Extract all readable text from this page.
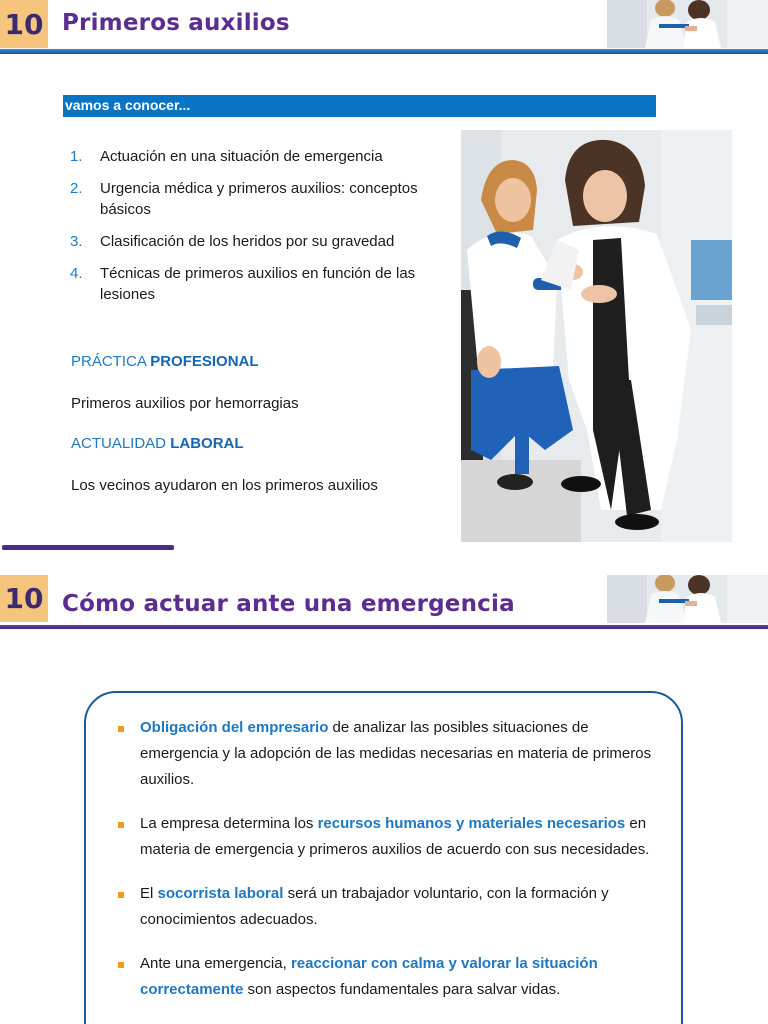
10 Primeros auxilios
vamos a conocer...
1.	Actuación en una situación de emergencia
2.	Urgencia médica y primeros auxilios: conceptos básicos
3.	Clasificación de los heridos por su gravedad
4.	Técnicas de primeros auxilios en función de las lesiones
PRÁCTICA PROFESIONAL
Primeros auxilios por hemorragias
ACTUALIDAD LABORAL
Los vecinos ayudaron en los primeros auxilios
10 Cómo actuar ante una emergencia
Obligación del empresario de analizar las posibles situaciones de emergencia y la adopción de las medidas necesarias en materia de primeros auxilios.
La empresa determina los recursos humanos y materiales necesarios en materia de emergencia y primeros auxilios de acuerdo con sus necesidades.
El socorrista laboral será un trabajador voluntario, con la formación y conocimientos adecuados.
Ante una emergencia, reaccionar con calma y valorar la situación correctamente son aspectos fundamentales para salvar vidas.
